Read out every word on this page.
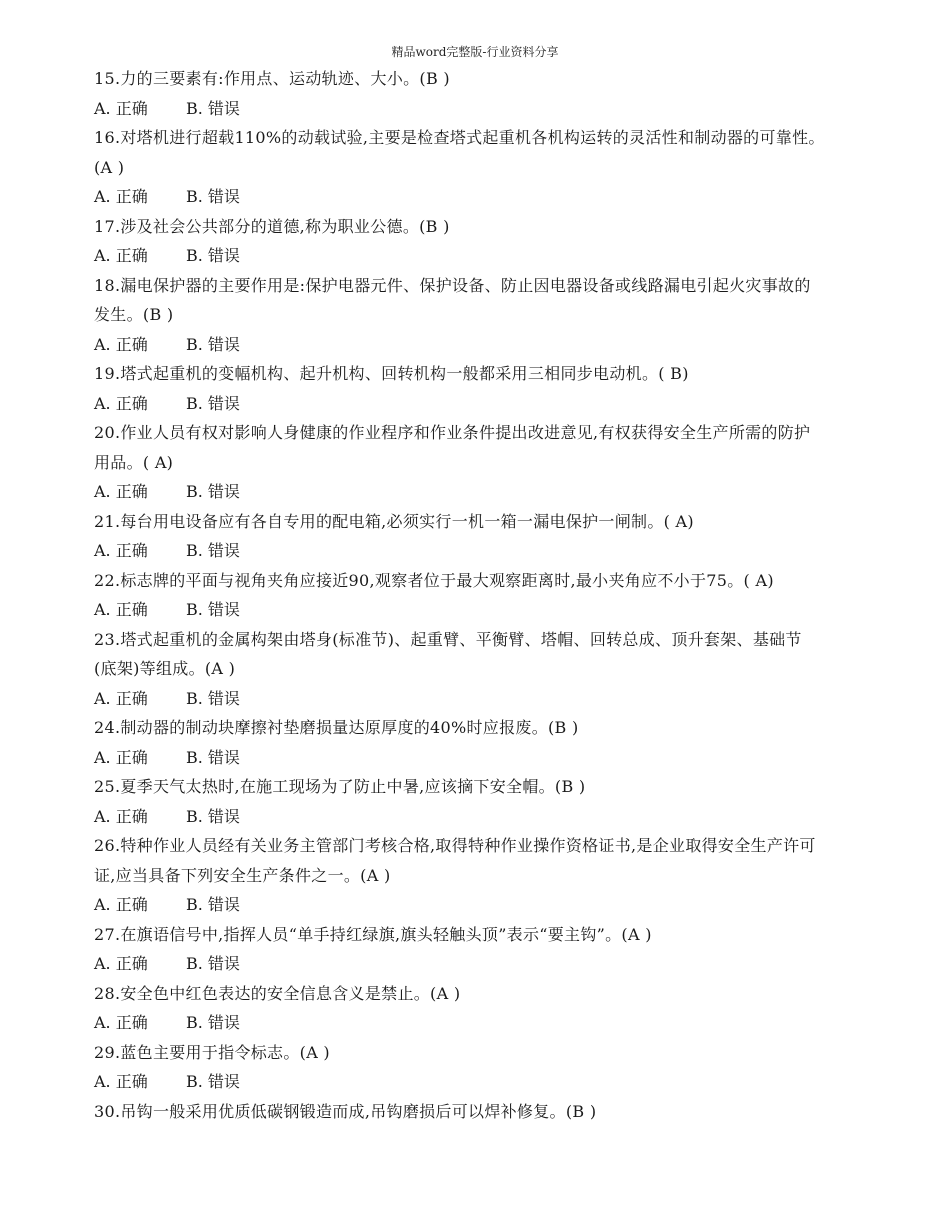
精品word完整版-行业资料分享
15.力的三要素有:作用点、运动轨迹、大小。(B )
A. 正确 B. 错误
16.对塔机进行超载110%的动载试验,主要是检查塔式起重机各机构运转的灵活性和制动器的可靠性。
(A )
A. 正确 B. 错误
17.涉及社会公共部分的道德,称为职业公德。(B )
A. 正确 B. 错误
18.漏电保护器的主要作用是:保护电器元件、保护设备、防止因电器设备或线路漏电引起火灾事故的
发生。(B )
A. 正确 B. 错误
19.塔式起重机的变幅机构、起升机构、回转机构一般都采用三相同步电动机。( B)
A. 正确 B. 错误
20.作业人员有权对影响人身健康的作业程序和作业条件提出改进意见,有权获得安全生产所需的防护
用品。( A)
A. 正确 B. 错误
21.每台用电设备应有各自专用的配电箱,必须实行一机一箱一漏电保护一闸制。( A)
A. 正确 B. 错误
22.标志牌的平面与视角夹角应接近90,观察者位于最大观察距离时,最小夹角应不小于75。( A)
A. 正确 B. 错误
23.塔式起重机的金属构架由塔身(标准节)、起重臂、平衡臂、塔帽、回转总成、顶升套架、基础节
(底架)等组成。(A )
A. 正确 B. 错误
24.制动器的制动块摩擦衬垫磨损量达原厚度的40%时应报废。(B )
A. 正确 B. 错误
25.夏季天气太热时,在施工现场为了防止中暑,应该摘下安全帽。(B )
A. 正确 B. 错误
26.特种作业人员经有关业务主管部门考核合格,取得特种作业操作资格证书,是企业取得安全生产许可
证,应当具备下列安全生产条件之一。(A )
A. 正确 B. 错误
27.在旗语信号中,指挥人员“单手持红绿旗,旗头轻触头顶”表示“要主钩”。(A )
A. 正确 B. 错误
28.安全色中红色表达的安全信息含义是禁止。(A )
A. 正确 B. 错误
29.蓝色主要用于指令标志。(A )
A. 正确 B. 错误
30.吊钩一般采用优质低碳钢锻造而成,吊钩磨损后可以焊补修复。(B )
